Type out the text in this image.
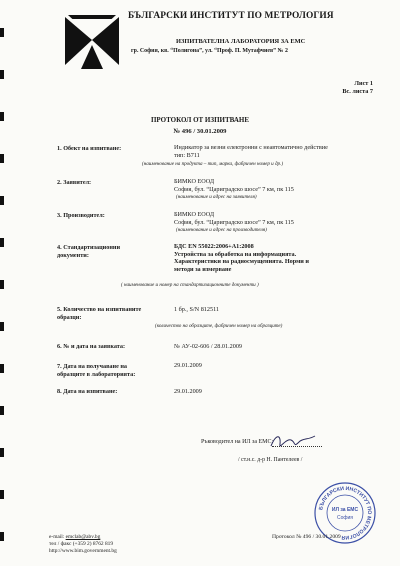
БЪЛГАРСКИ ИНСТИТУТ ПО МЕТРОЛОГИЯ
ИЗПИТВАТЕЛНА ЛАБОРАТОРИЯ ЗА ЕМС
гр. София, кв. “Полигона”, ул. “Проф. П. Мутафчиев” № 2
Лист 1
Вс. листа 7
ПРОТОКОЛ ОТ ИЗПИТВАНЕ
№ 496 / 30.01.2009
1. Обект на изпитване:	Индикатор за везни електронни с неавтоматично действие
тип: В711
(наименование на продукта – тип, марка, фабричен номер и др.)
2. Заявител:	БИМКО ЕООД
София, бул. “Цариградско шосе” 7 км, пк 115
(наименование и адрес на заявителя)
3. Производител:	БИМКО ЕООД
София, бул. “Цариградско шосе” 7 км, пк 115
(наименование и адрес на производителя)
4. Стандартизационни
документи:
БДС EN 55022:2006+A1:2008
Устройства за обработка на информацията.
Характеристики на радиосмущенията. Норми и
методи за измерване
( наименование и номер на стандартизационните документи )
5. Количество на изпитваните
образци:
1 бр., S/N 812511
(количество на образците, фабричен номер на образците)
6. № и дата на заявката:	№ АУ-02-606 / 28.01.2009
7. Дата на получаване на
образците в лабораторията:
29.01.2009
8. Дата на изпитване:	29.01.2009
Ръководител на ИЛ за ЕМС:
/ ст.н.с. д-р Н. Пантелеев /
БЪЛГАРСКИ ИНСТИТУТ ПО МЕТРОЛОГИЯ
ИЛ за ЕМС
София
e-mail: emclab@abv.bg
тел / факс (+359 2) 8762 819
http://www.bim.government.bg
Протокол № 496 / 30.01.2009
